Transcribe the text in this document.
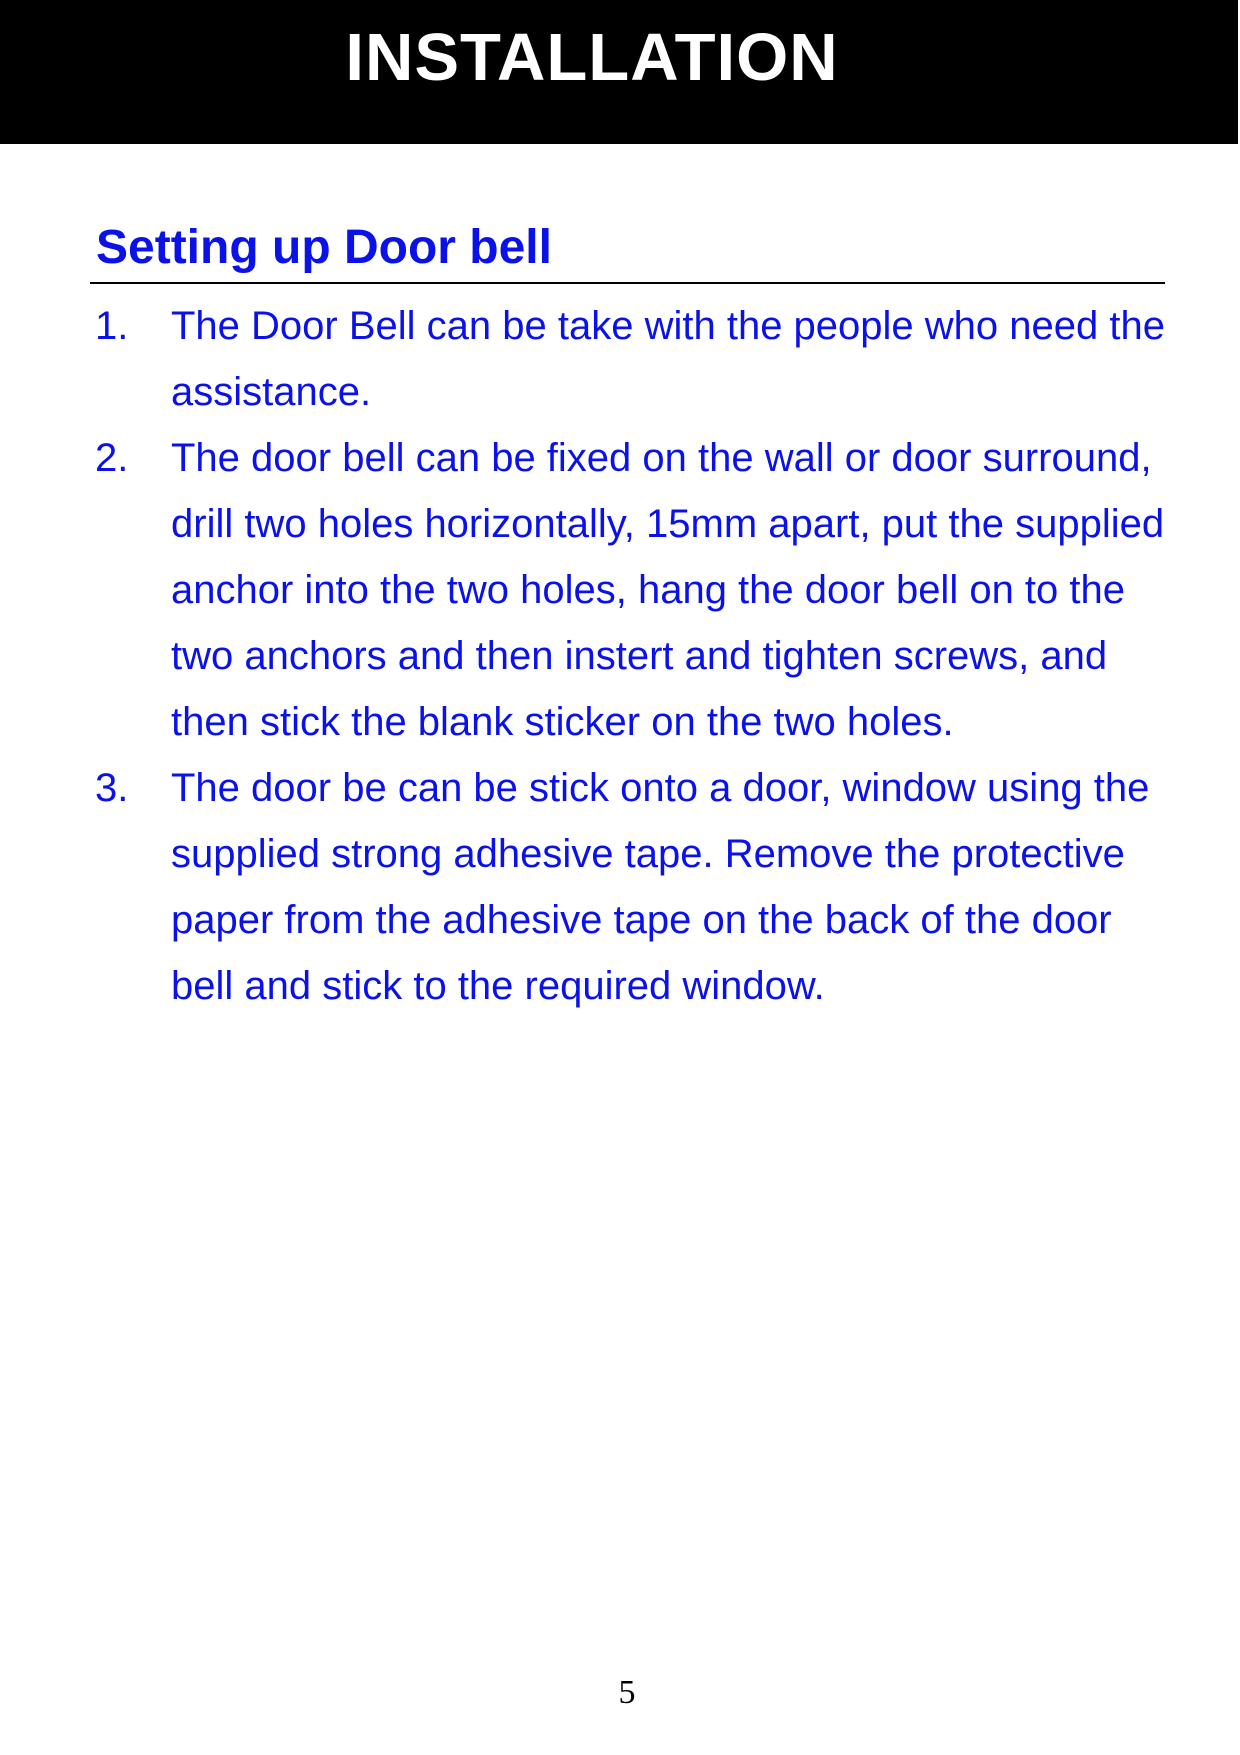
INSTALLATION
Setting up Door bell
1. The Door Bell can be take with the people who need the assistance.
2. The door bell can be fixed on the wall or door surround, drill two holes horizontally, 15mm apart, put the supplied anchor into the two holes, hang the door bell on to the two anchors and then instert and tighten screws, and then stick the blank sticker on the two holes.
3. The door be can be stick onto a door, window using the supplied strong adhesive tape. Remove the protective paper from the adhesive tape on the back of the door bell and stick to the required window.
5
